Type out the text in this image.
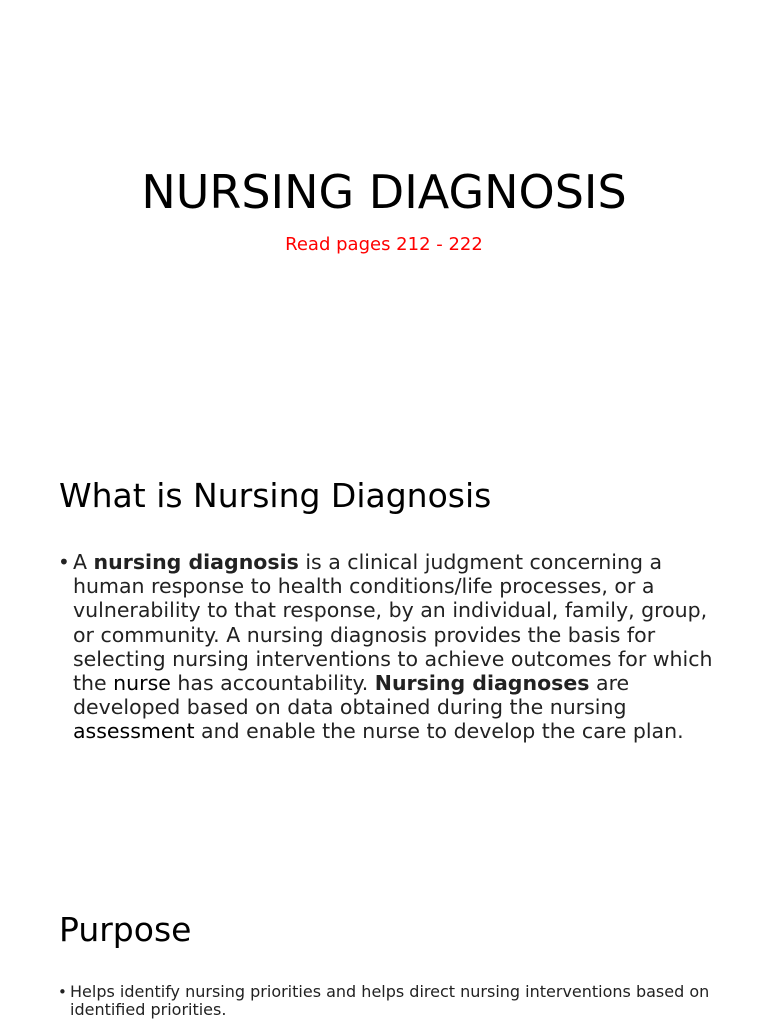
NURSING DIAGNOSIS
Read pages 212 - 222
What is Nursing Diagnosis
• A nursing diagnosis is a clinical judgment concerning a human response to health conditions/life processes, or a vulnerability to that response, by an individual, family, group, or community. A nursing diagnosis provides the basis for selecting nursing interventions to achieve outcomes for which the nurse has accountability. Nursing diagnoses are developed based on data obtained during the nursing assessment and enable the nurse to develop the care plan.
Purpose
• Helps identify nursing priorities and helps direct nursing interventions based on identified priorities.
